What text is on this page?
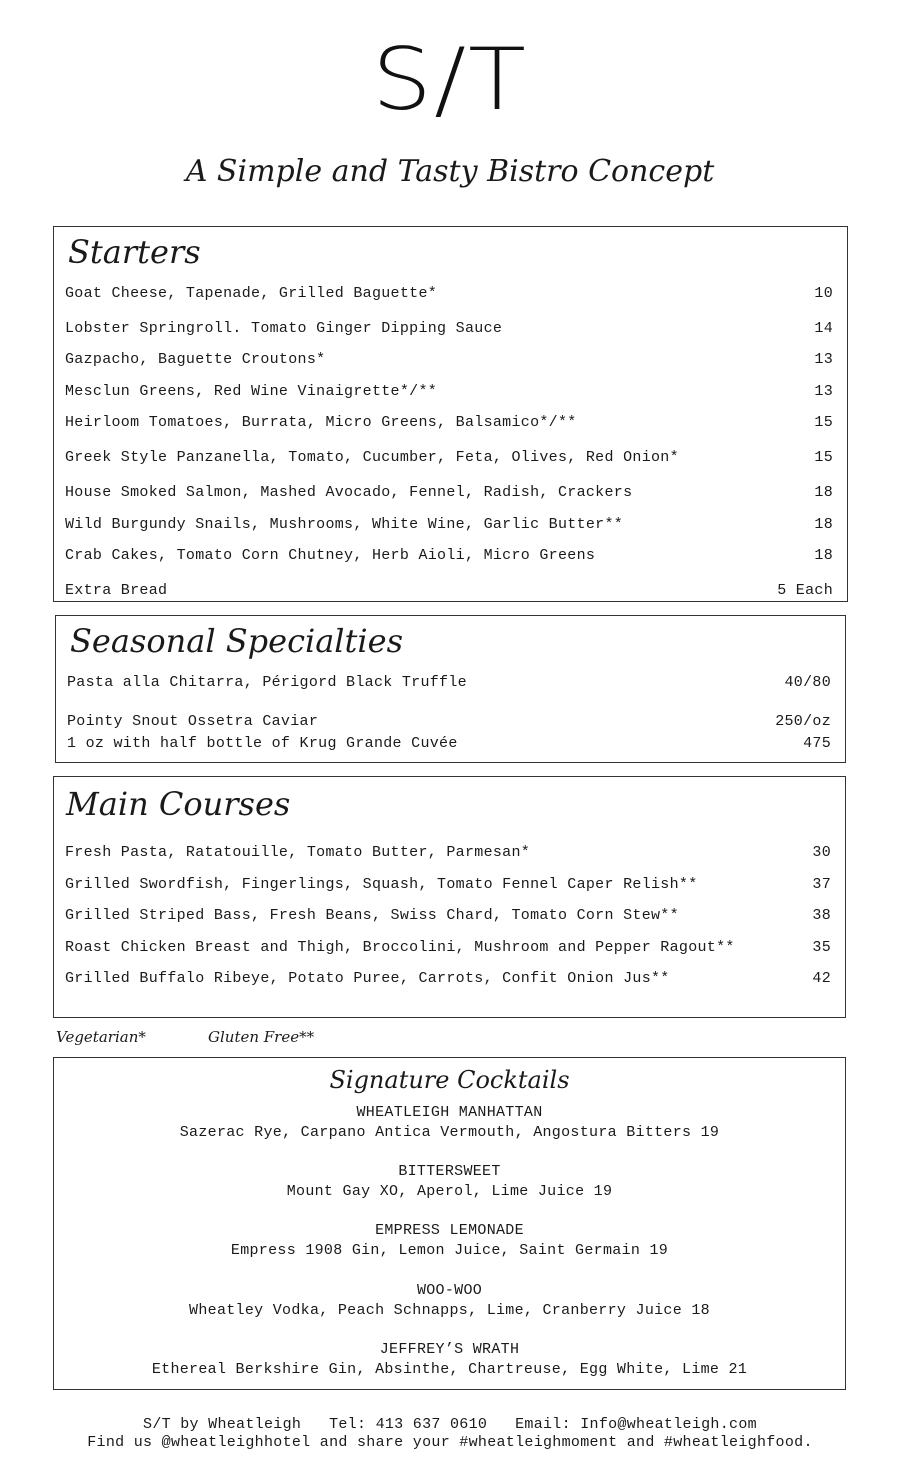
S/T
A Simple and Tasty Bistro Concept
Starters
Goat Cheese, Tapenade, Grilled Baguette*	10
Lobster Springroll. Tomato Ginger Dipping Sauce	14
Gazpacho, Baguette Croutons*	13
Mesclun Greens, Red Wine Vinaigrette*/**	13
Heirloom Tomatoes, Burrata, Micro Greens, Balsamico*/**	15
Greek Style Panzanella, Tomato, Cucumber, Feta, Olives, Red Onion*	15
House Smoked Salmon, Mashed Avocado, Fennel, Radish, Crackers	18
Wild Burgundy Snails, Mushrooms, White Wine, Garlic Butter**	18
Crab Cakes, Tomato Corn Chutney, Herb Aioli, Micro Greens	18
Extra Bread	5 Each
Seasonal Specialties
Pasta alla Chitarra, Périgord Black Truffle	40/80
Pointy Snout Ossetra Caviar	250/oz
1 oz with half bottle of Krug Grande Cuvée	475
Main Courses
Fresh Pasta, Ratatouille, Tomato Butter, Parmesan*	30
Grilled Swordfish, Fingerlings, Squash, Tomato Fennel Caper Relish**	37
Grilled Striped Bass, Fresh Beans, Swiss Chard, Tomato Corn Stew**	38
Roast Chicken Breast and Thigh, Broccolini, Mushroom and Pepper Ragout**	35
Grilled Buffalo Ribeye, Potato Puree, Carrots, Confit Onion Jus**	42
Vegetarian*	Gluten Free**
Signature Cocktails
WHEATLEIGH MANHATTAN
Sazerac Rye, Carpano Antica Vermouth, Angostura Bitters 19
BITTERSWEET
Mount Gay XO, Aperol, Lime Juice 19
EMPRESS LEMONADE
Empress 1908 Gin, Lemon Juice, Saint Germain 19
WOO-WOO
Wheatley Vodka, Peach Schnapps, Lime, Cranberry Juice 18
JEFFREY’S WRATH
Ethereal Berkshire Gin, Absinthe, Chartreuse, Egg White, Lime 21
S/T by Wheatleigh   Tel: 413 637 0610   Email: Info@wheatleigh.com
Find us @wheatleighhotel and share your #wheatleighmoment and #wheatleighfood.
